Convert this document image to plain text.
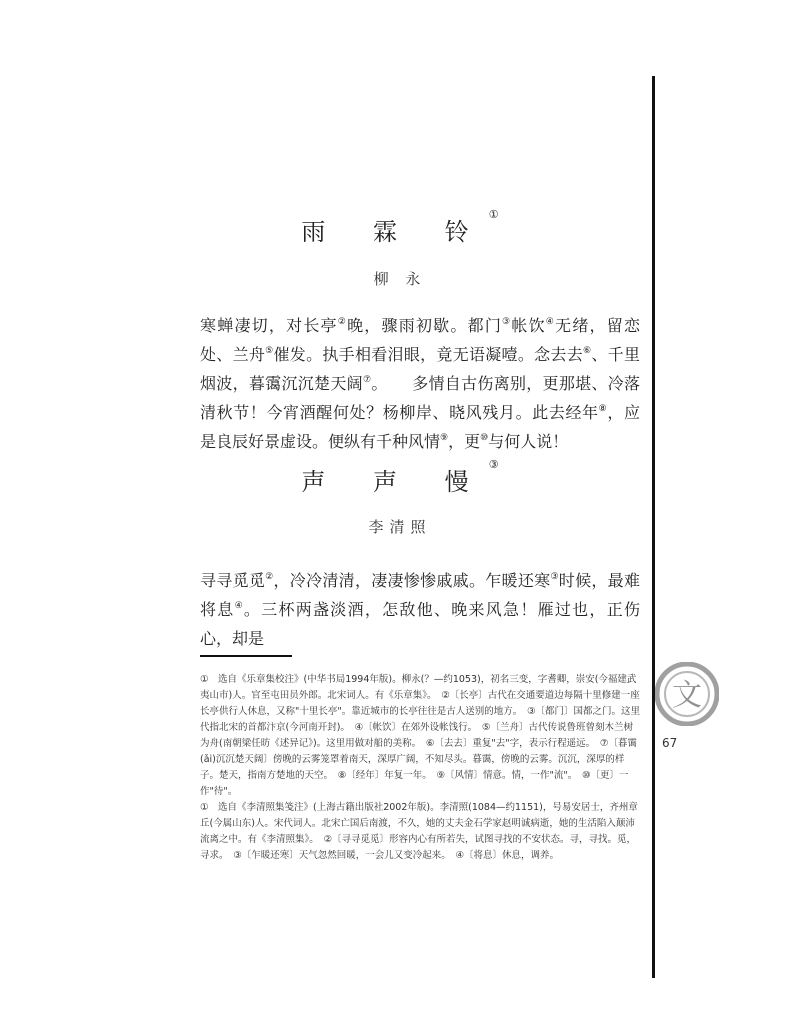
雨 霖 铃①
柳 永
寒蝉凄切，对长亭②晚，骤雨初歇。都门③帐饮④无绪，留恋处、兰舟⑤催发。执手相看泪眼，竟无语凝噎。念去去⑥、千里烟波，暮霭沉沉楚天阔⑦。　　多情自古伤离别，更那堪、冷落清秋节！今宵酒醒何处？杨柳岸、晓风残月。此去经年⑧，应是良辰好景虚设。便纵有千种风情⑨，更⑩与何人说！
声 声 慢③
李清照
寻寻觅觅②，冷冷清清，凄凄惨惨戚戚。乍暖还寒③时候，最难将息④。三杯两盏淡酒，怎敌他、晚来风急！雁过也，正伤心，却是

①　选自《乐章集校注》(中华书局1994年版)。柳永(？—约1053)，初名三变，字耆卿，崇安(今福建武夷山市)人。官至屯田员外郎。北宋词人。有《乐章集》。　②〔长亭〕古代在交通要道边每隔十里修建一座长亭供行人休息，又称"十里长亭"。靠近城市的长亭往往是古人送别的地方。　③〔都门〕国都之门。这里代指北宋的首都汴京(今河南开封)。　④〔帐饮〕在郊外设帐饯行。　⑤〔兰舟〕古代传说鲁班曾刻木兰树为舟(南朝梁任昉《述异记》)。这里用做对船的美称。　⑥〔去去〕重复"去"字，表示行程遥远。　⑦〔暮霭(ǎi)沉沉楚天阔〕傍晚的云雾笼罩着南天，深厚广阔，不知尽头。暮霭，傍晚的云雾。沉沉，深厚的样子。楚天，指南方楚地的天空。　⑧〔经年〕年复一年。　⑨〔风情〕情意。情，一作"流"。　⑩〔更〕一作"待"。

①　选自《李清照集笺注》(上海古籍出版社2002年版)。李清照(1084—约1151)，号易安居士，齐州章丘(今属山东)人。宋代词人。北宋亡国后南渡，不久，她的丈夫金石学家赵明诚病逝，她的生活陷入颠沛流离之中。有《李清照集》。　②〔寻寻觅觅〕形容内心有所若失，试图寻找的不安状态。寻，寻找。觅，寻求。　③〔乍暖还寒〕天气忽然回暖，一会儿又变冷起来。　④〔将息〕休息，调养。

文
67
